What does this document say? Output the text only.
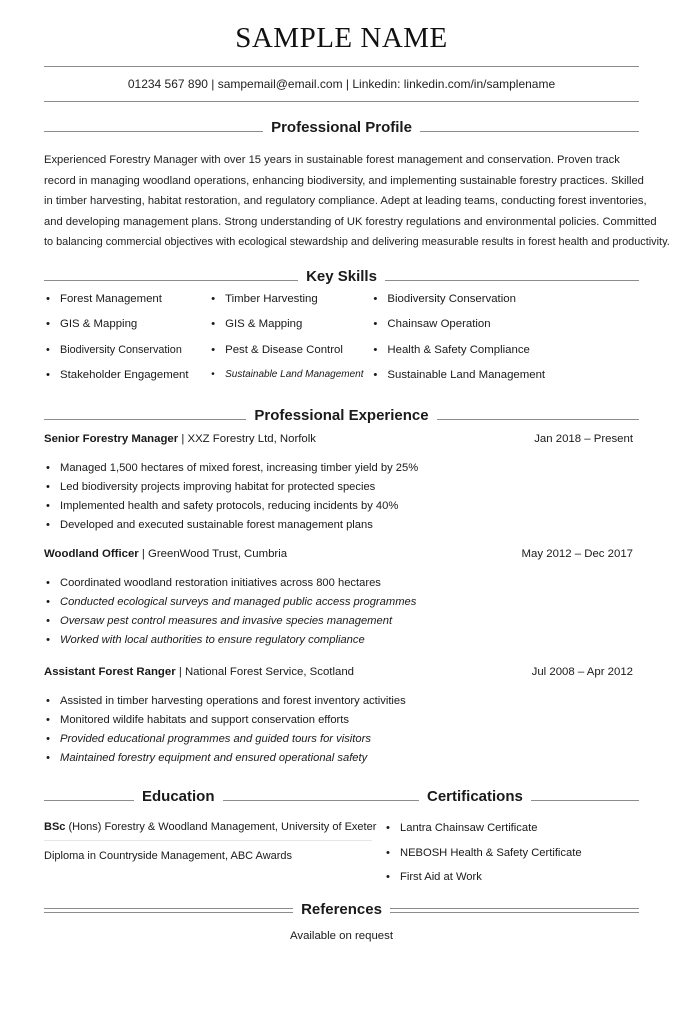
SAMPLE NAME
01234 567 890 | sampemail@email.com | Linkedin: linkedin.com/in/samplename
Professional Profile

Experienced Forestry Manager with over 15 years in sustainable forest management and conservation. Proven track

record in managing woodland operations, enhancing biodiversity, and implementing sustainable forestry practices. Skilled

in timber harvesting, habitat restoration, and regulatory compliance. Adept at leading teams, conducting forest inventories,

and developing management plans. Strong understanding of UK forestry regulations and environmental policies. Committed

to balancing commercial objectives with ecological stewardship and delivering measurable results in forest health and productivity.

Key Skills
• Forest Management	• Timber Harvesting	• Biodiversity Conservation
• GIS & Mapping	• GIS & Mapping	• Chainsaw Operation
• Biodiversity Conservation	• Pest & Disease Control	• Health & Safety Compliance
• Stakeholder Engagement	• Sustainable Land Management	• Sustainable Land Management
Professional Experience
Senior Forestry Manager | XXZ Forestry Ltd, Norfolk	Jan 2018 – Present
• Managed 1,500 hectares of mixed forest, increasing timber yield by 25%
• Led biodiversity projects improving habitat for protected species
• Implemented health and safety protocols, reducing incidents by 40%
• Developed and executed sustainable forest management plans
Woodland Officer | GreenWood Trust, Cumbria	May 2012 – Dec 2017
• Coordinated woodland restoration initiatives across 800 hectares
• Conducted ecological surveys and managed public access programmes
• Oversaw pest control measures and invasive species management
• Worked with local authorities to ensure regulatory compliance
Assistant Forest Ranger | National Forest Service, Scotland	Jul 2008 – Apr 2012
• Assisted in timber harvesting operations and forest inventory activities
• Monitored wildife habitats and support conservation efforts
• Provided educational programmes and guided tours for visitors
• Maintained forestry equipment and ensured operational safety
Education	Certifications
BSc (Hons) Forestry & Woodland Management, University of Exeter
Diploma in Countryside Management, ABC Awards
• Lantra Chainsaw Certificate
• NEBOSH Health & Safety Certificate
• First Aid at Work
References
Available on request
